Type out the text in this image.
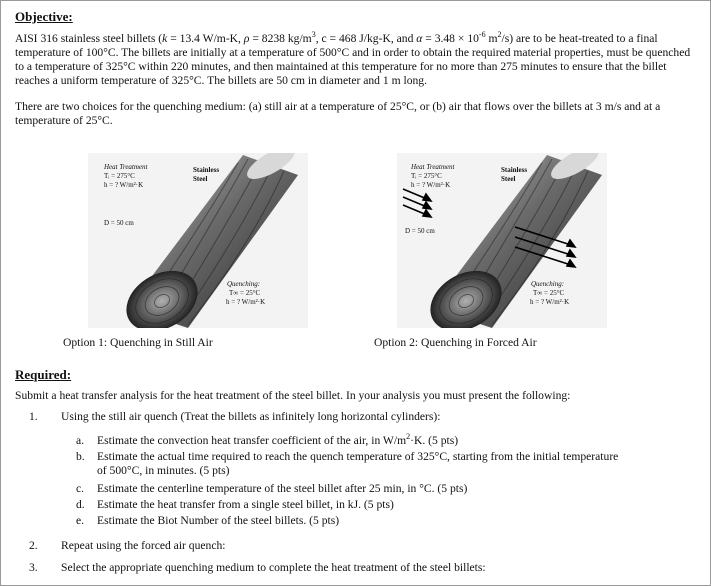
Objective:
AISI 316 stainless steel billets (k = 13.4 W/m-K, ρ = 8238 $kg/m^3$, c = 468 J/kg-K, and $\alpha = 3.48 \times 10^{-6}$ $m^2/s$) are to be heat-treated to a final temperature of 100°C. The billets are initially at a temperature of 500°C and in order to obtain the required material properties, must be quenched to a temperature of 325°C within 220 minutes, and then maintained at this temperature for no more than 275 minutes to ensure that the billet reaches a uniform temperature of 325°C. The billets are 50 cm in diameter and 1 m long.
There are two choices for the quenching medium: (a) still air at a temperature of 25°C, or (b) air that flows over the billets at 3 m/s and at a temperature of 25°C.
Heat Treatment
Tᵢ = 275°C
h = ? W/m²·K
Stainless
Steel
D = 50 cm
Quenching:
T∞ = 25°C
h = ? W/m²·K
Option 1: Quenching in Still Air
Heat Treatment
Tᵢ = 275°C
h = ? W/m²·K
Stainless
Steel
D = 50 cm
Quenching:
T∞ = 25°C
h = ? W/m²·K
Option 2: Quenching in Forced Air
Required:
Submit a heat transfer analysis for the heat treatment of the steel billet. In your analysis you must present the following:
1. Using the still air quench (Treat the billets as infinitely long horizontal cylinders):
a. Estimate the convection heat transfer coefficient of the air, in $W/m^2\cdot K$. (5 pts)
b. Estimate the actual time required to reach the quench temperature of 325°C, starting from the initial temperature
of 500°C, in minutes. (5 pts)
c. Estimate the centerline temperature of the steel billet after 25 min, in °C. (5 pts)
d. Estimate the heat transfer from a single steel billet, in kJ. (5 pts)
e. Estimate the Biot Number of the steel billets. (5 pts)
2. Repeat using the forced air quench:
3. Select the appropriate quenching medium to complete the heat treatment of the steel billets:
